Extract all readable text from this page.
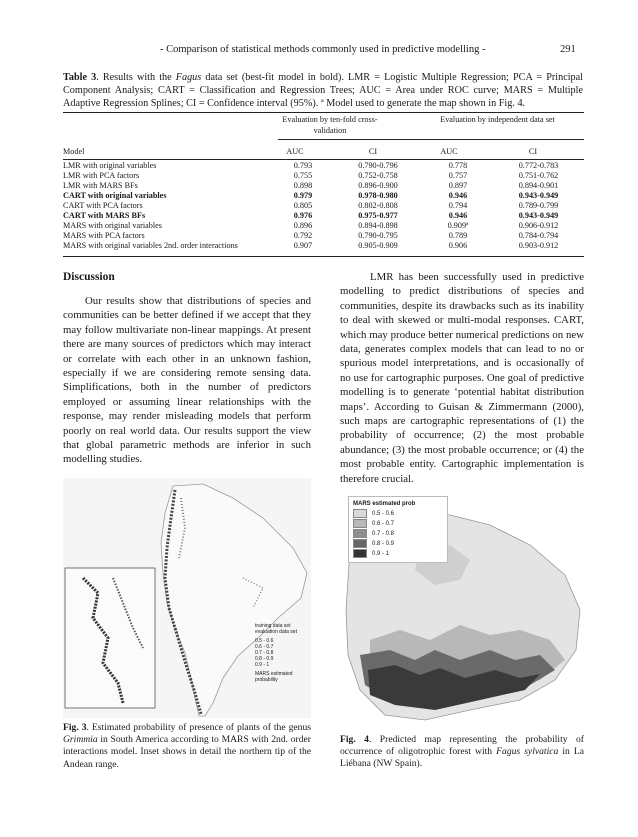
- Comparison of statistical methods commonly used in predictive modelling -	291
Table 3. Results with the Fagus data set (best-fit model in bold). LMR = Logistic Multiple Regression; PCA = Principal Component Analysis; CART = Classification and Regression Trees; AUC = Area under ROC curve; MARS = Multiple Adaptive Regression Splines; CI = Confidence interval (95%). ª Model used to generate the map shown in Fig. 4.
Evaluation by ten-fold cross-validation
Evaluation by independent data set
Model	AUC	CI	AUC	CI
LMR with original variables	0.793	0.790-0.796	0.778	0.772-0.783
LMR with PCA factors	0.755	0.752-0.758	0.757	0.751-0.762
LMR with MARS BFs	0.898	0.896-0.900	0.897	0.894-0.901
CART with original variables	0.979	0.978-0.980	0.946	0.943-0.949
CART with PCA factors	0.805	0.802-0.808	0.794	0.789-0.799
CART with MARS BFs	0.976	0.975-0.977	0.946	0.943-0.949
MARS with original variables	0.896	0.894-0.898	0.909ª	0.906-0.912
MARS with PCA factors	0.792	0.790-0.795	0.789	0.784-0.794
MARS with original variables 2nd. order interactions	0.907	0.905-0.909	0.906	0.903-0.912
Discussion
Our results show that distributions of species and communities can be better defined if we accept that they may follow multivariate non-linear mappings. At present there are many sources of predictors which may interact or correlate with each other in an unknown fashion, especially if we are considering remote sensing data. Simplifications, both in the number of predictors employed or assuming linear relationships with the response, may render misleading models that perform poorly on real world data. Our results support the view that global parametric methods are inferior in such modelling studies.
LMR has been successfully used in predictive modelling to predict distributions of species and communities, despite its drawbacks such as its inability to deal with skewed or multi-modal responses. CART, which may produce better numerical predictions on new data, generates complex models that can lead to no or spurious model interpretations, and is occasionally of no use for cartographic purposes. One goal of predictive modelling is to generate ‘potential habitat distribution maps’. According to Guisan & Zimmermann (2000), such maps are cartographic representations of (1) the probability of occurrence; (2) the most probable abundance; (3) the most probable occurrence; or (4) the most probable entity. Cartographic implementation is therefore crucial.
training data set
evaluation data set
0.5 - 0.6
0.6 - 0.7
0.7 - 0.8
0.8 - 0.9
0.9 - 1
MARS estimated probability
Fig. 3. Estimated probability of presence of plants of the genus Grimmia in South America according to MARS with 2nd. order interactions model. Inset shows in detail the northern tip of the Andean range.
MARS estimated prob
0.5 - 0.6
0.6 - 0.7
0.7 - 0.8
0.8 - 0.9
0.9 - 1
Fig. 4. Predicted map representing the probability of occurrence of oligotrophic forest with Fagus sylvatica in La Liébana (NW Spain).
